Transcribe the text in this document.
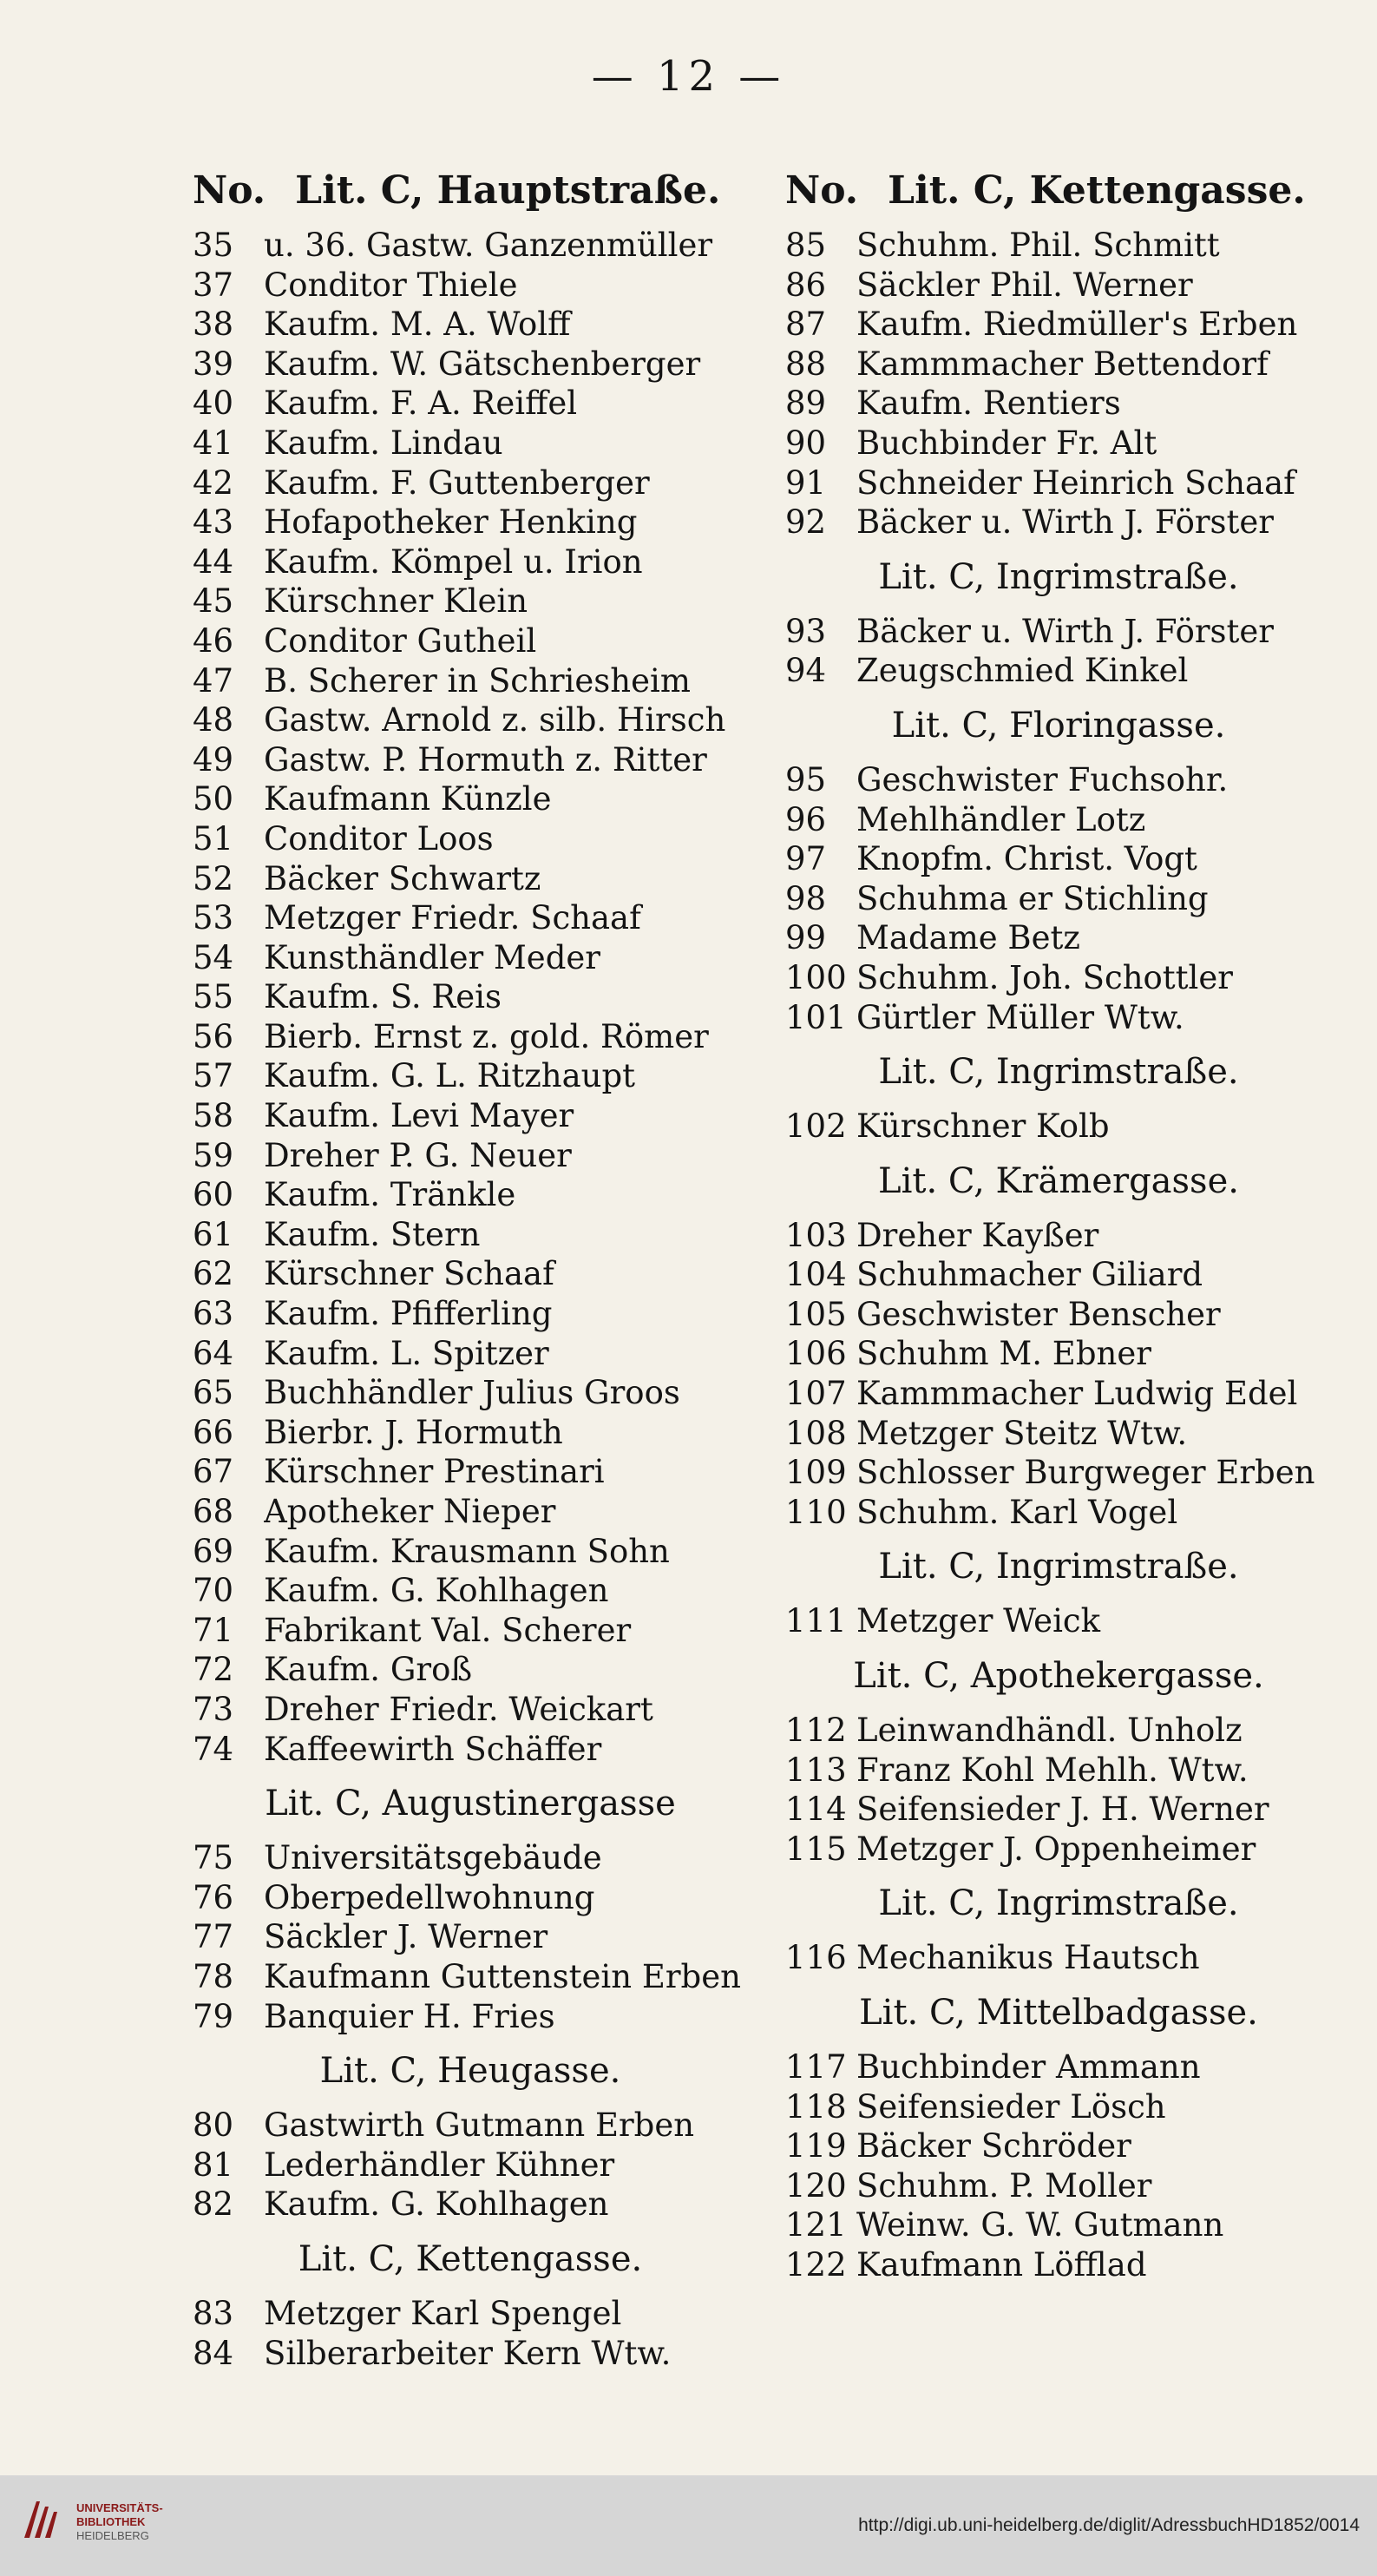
— 12 —
No. Lit. C, Hauptstraße.
35 u. 36. Gastw. Ganzenmüller
37 Conditor Thiele
38 Kaufm. M. A. Wolff
39 Kaufm. W. Gätschenberger
40 Kaufm. F. A. Reiffel
41 Kaufm. Lindau
42 Kaufm. F. Guttenberger
43 Hofapotheker Henking
44 Kaufm. Kömpel u. Irion
45 Kürschner Klein
46 Conditor Gutheil
47 B. Scherer in Schriesheim
48 Gastw. Arnold z. silb. Hirsch
49 Gastw. P. Hormuth z. Ritter
50 Kaufmann Künzle
51 Conditor Loos
52 Bäcker Schwartz
53 Metzger Friedr. Schaaf
54 Kunsthändler Meder
55 Kaufm. S. Reis
56 Bierb. Ernst z. gold. Römer
57 Kaufm. G. L. Ritzhaupt
58 Kaufm. Levi Mayer
59 Dreher P. G. Neuer
60 Kaufm. Tränkle
61 Kaufm. Stern
62 Kürschner Schaaf
63 Kaufm. Pfifferling
64 Kaufm. L. Spitzer
65 Buchhändler Julius Groos
66 Bierbr. J. Hormuth
67 Kürschner Prestinari
68 Apotheker Nieper
69 Kaufm. Krausmann Sohn
70 Kaufm. G. Kohlhagen
71 Fabrikant Val. Scherer
72 Kaufm. Groß
73 Dreher Friedr. Weickart
74 Kaffeewirth Schäffer
Lit. C, Augustinergasse
75 Universitätsgebäude
76 Oberpedellwohnung
77 Säckler J. Werner
78 Kaufmann Guttenstein Erben
79 Banquier H. Fries
Lit. C, Heugasse.
80 Gastwirth Gutmann Erben
81 Lederhändler Kühner
82 Kaufm. G. Kohlhagen
Lit. C, Kettengasse.
83 Metzger Karl Spengel
84 Silberarbeiter Kern Wtw.
No. Lit. C, Kettengasse.
85 Schuhm. Phil. Schmitt
86 Säckler Phil. Werner
87 Kaufm. Riedmüller's Erben
88 Kammmacher Bettendorf
89 Kaufm. Rentiers
90 Buchbinder Fr. Alt
91 Schneider Heinrich Schaaf
92 Bäcker u. Wirth J. Förster
Lit. C, Ingrimstraße.
93 Bäcker u. Wirth J. Förster
94 Zeugschmied Kinkel
Lit. C, Floringasse.
95 Geschwister Fuchsohr.
96 Mehlhändler Lotz
97 Knopfm. Christ. Vogt
98 Schuhma er Stichling
99 Madame Betz
100 Schuhm. Joh. Schottler
101 Gürtler Müller Wtw.
Lit. C, Ingrimstraße.
102 Kürschner Kolb
Lit. C, Krämergasse.
103 Dreher Kayßer
104 Schuhmacher Giliard
105 Geschwister Benscher
106 Schuhm M. Ebner
107 Kammmacher Ludwig Edel
108 Metzger Steitz Wtw.
109 Schlosser Burgweger Erben
110 Schuhm. Karl Vogel
Lit. C, Ingrimstraße.
111 Metzger Weick
Lit. C, Apothekergasse.
112 Leinwandhändl. Unholz
113 Franz Kohl Mehlh. Wtw.
114 Seifensieder J. H. Werner
115 Metzger J. Oppenheimer
Lit. C, Ingrimstraße.
116 Mechanikus Hautsch
Lit. C, Mittelbadgasse.
117 Buchbinder Ammann
118 Seifensieder Lösch
119 Bäcker Schröder
120 Schuhm. P. Moller
121 Weinw. G. W. Gutmann
122 Kaufmann Löfflad
UNIVERSITÄTS-
BIBLIOTHEK
HEIDELBERG
http://digi.ub.uni-heidelberg.de/diglit/AdressbuchHD1852/0014
